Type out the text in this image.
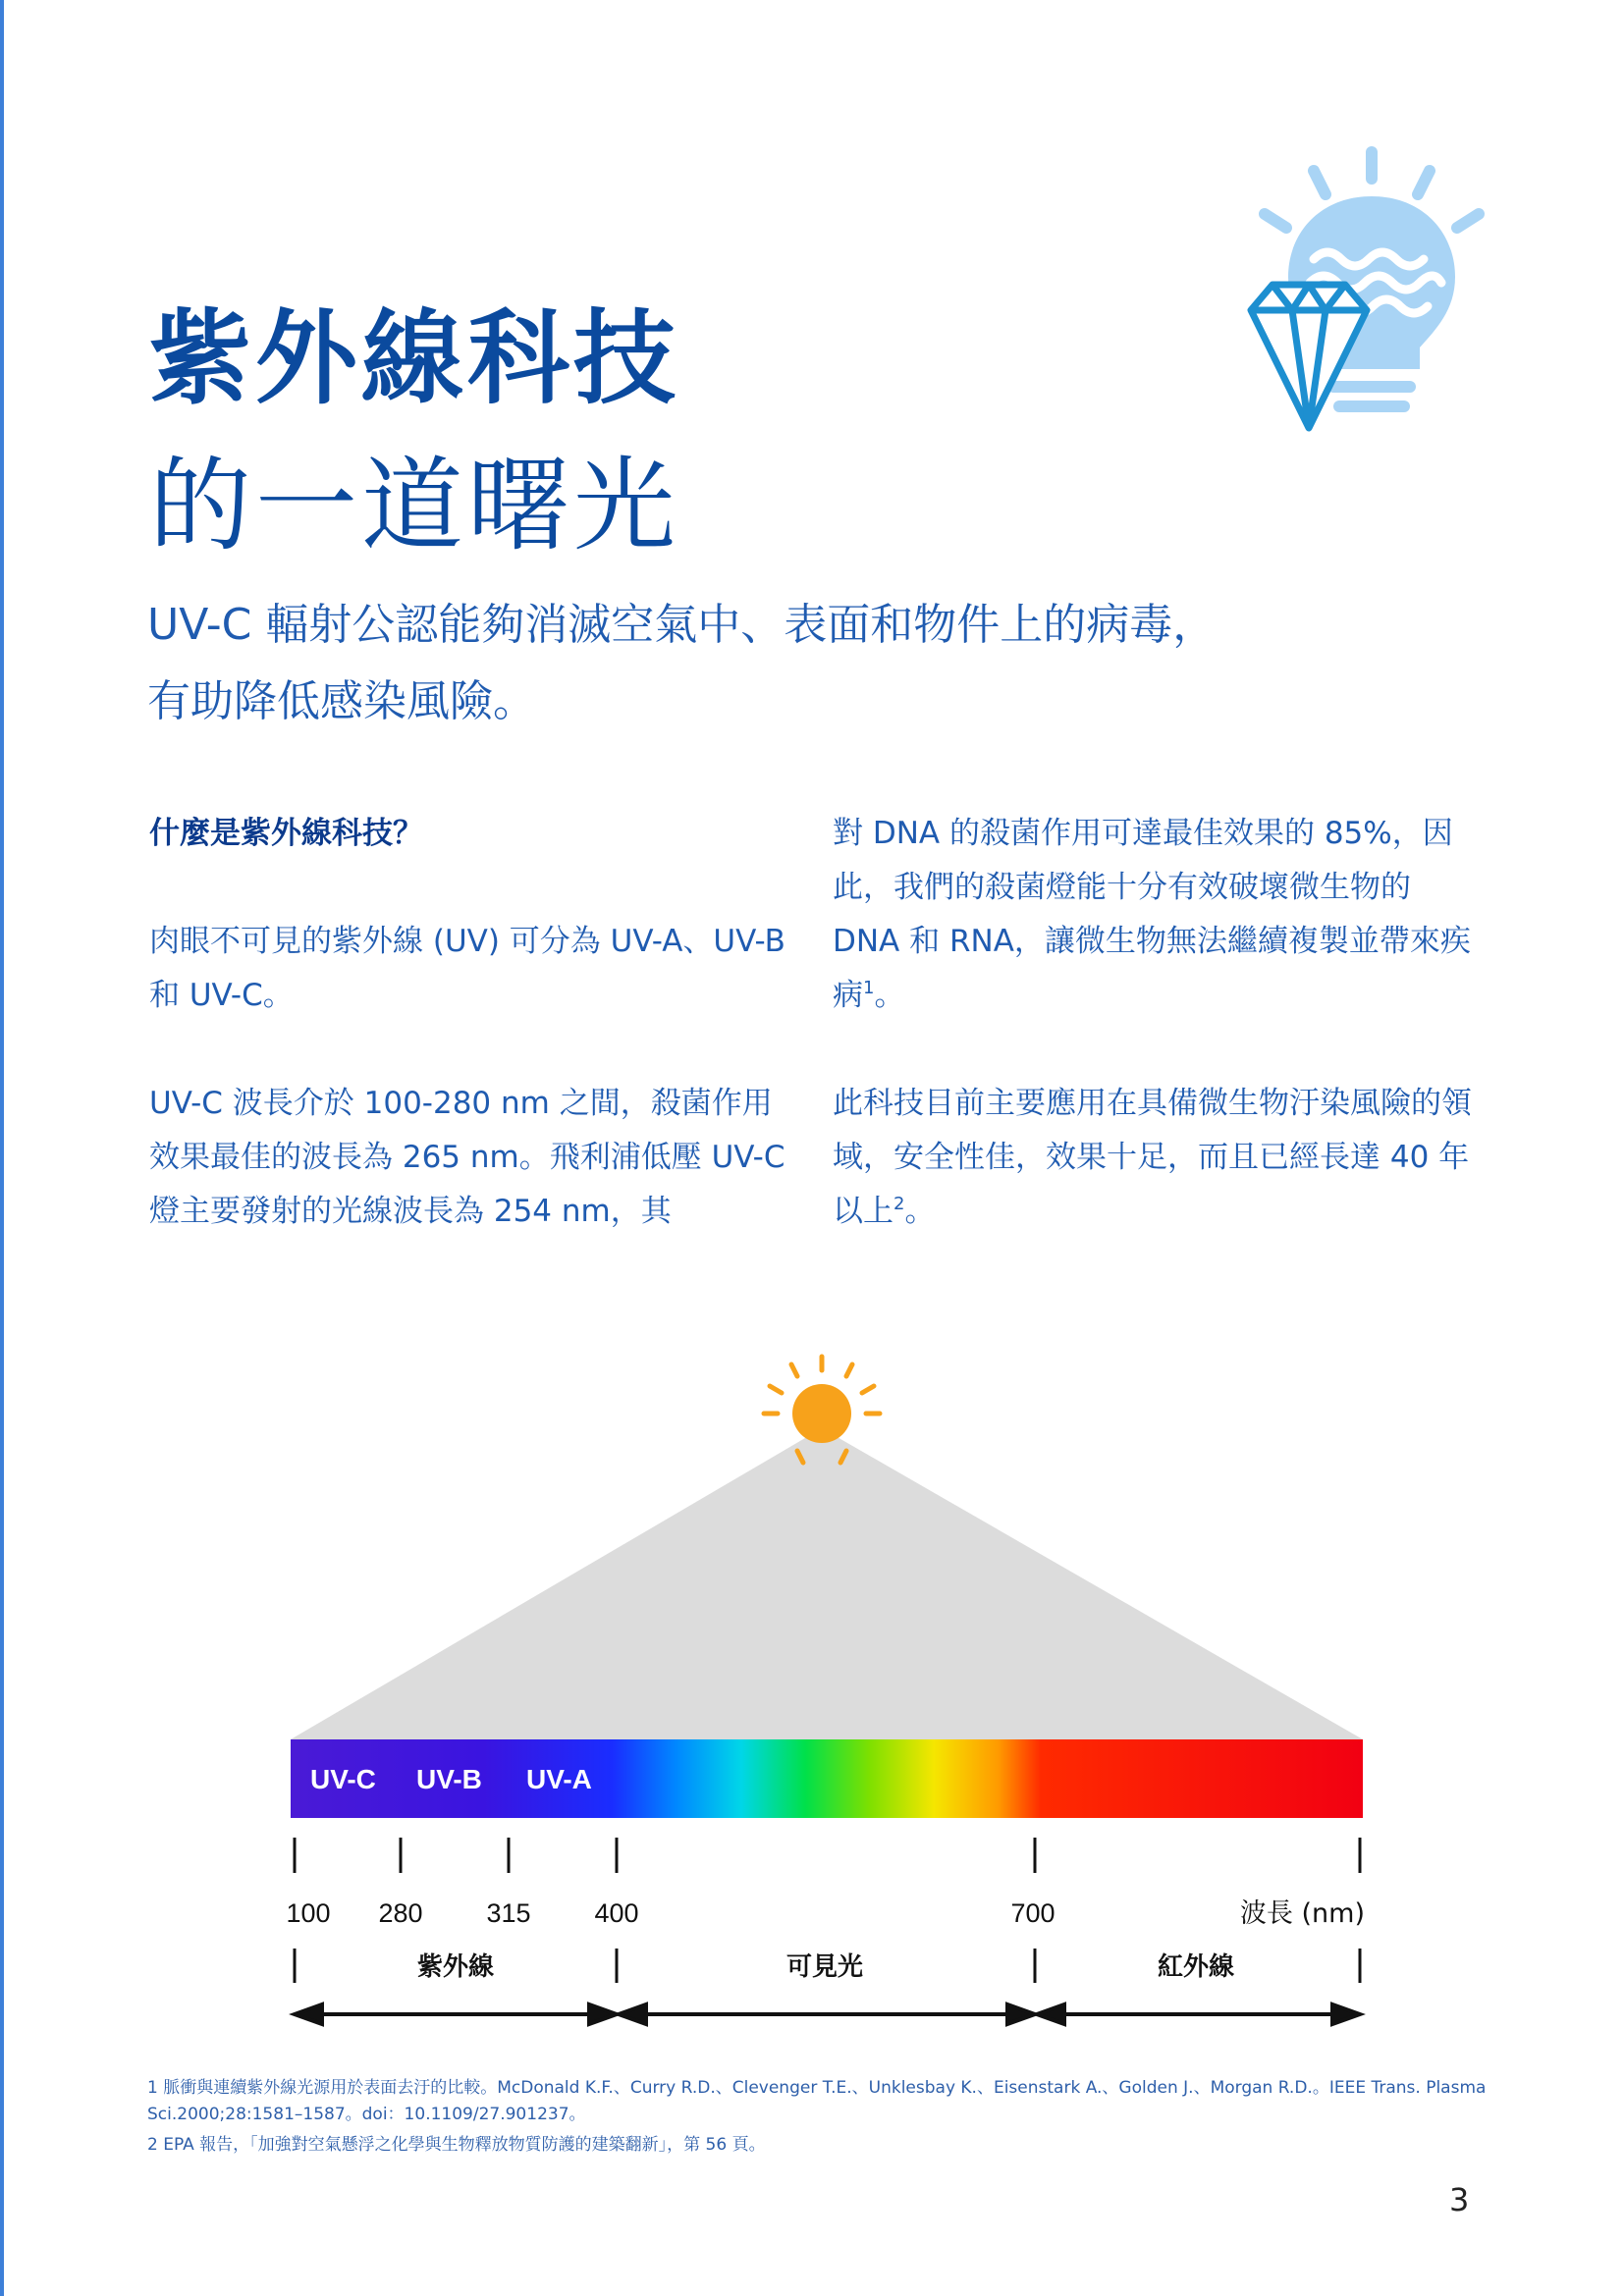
紫外線科技
的一道曙光

UV-C 輻射公認能夠消滅空氣中、表面和物件上的病毒，
有助降低感染風險。

什麼是紫外線科技？

肉眼不可見的紫外線 (UV) 可分為 UV-A、UV-B 和 UV-C。

UV-C 波長介於 100-280 nm 之間，殺菌作用效果最佳的波長為 265 nm。飛利浦低壓 UV-C 燈主要發射的光線波長為 254 nm，其

對 DNA 的殺菌作用可達最佳效果的 85%，因此，我們的殺菌燈能十分有效破壞微生物的 DNA 和 RNA，讓微生物無法繼續複製並帶來疾病$^1$。

此科技目前主要應用在具備微生物汙染風險的領域，安全性佳，效果十足，而且已經長達 40 年以上$^2$。

UV-C UV-B UV-A
100 280 315 400	700	波長 (nm)
紫外線	可見光	紅外線
1 脈衝與連續紫外線光源用於表面去汙的比較。McDonald K.F.、Curry R.D.、Clevenger T.E.、Unklesbay K.、Eisenstark A.、Golden J.、Morgan R.D.。IEEE Trans. Plasma Sci.2000;28:1581–1587。doi：10.1109/27.901237。
2 EPA 報告，「加強對空氣懸浮之化學與生物釋放物質防護的建築翻新」，第 56 頁。
3
